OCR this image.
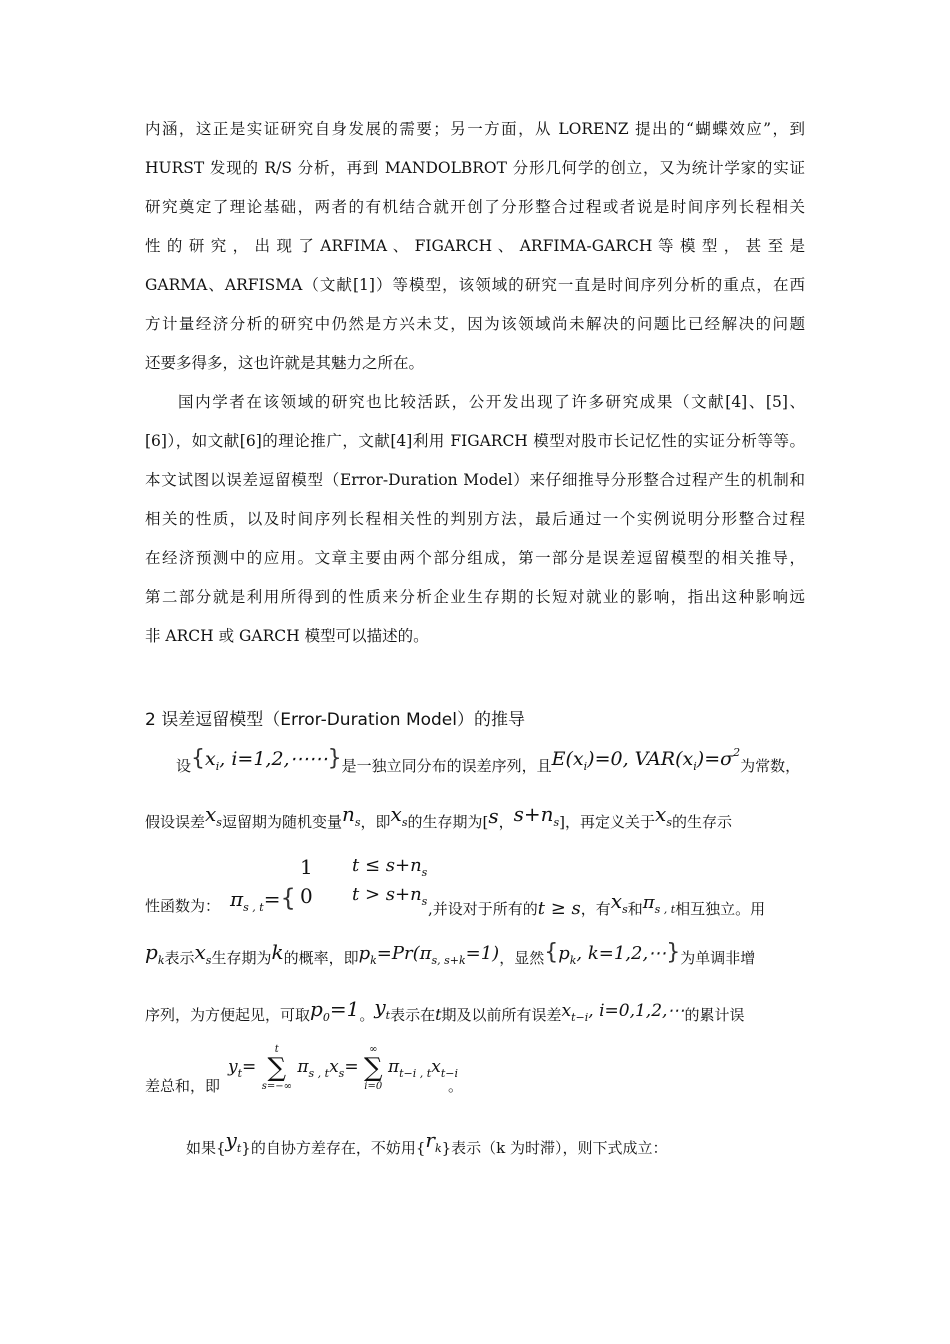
内涵，这正是实证研究自身发展的需要；另一方面，从 LORENZ 提出的“蝴蝶效应”，到
HURST 发现的 R/S 分析，再到 MANDOLBROT 分形几何学的创立，又为统计学家的实证
研究奠定了理论基础，两者的有机结合就开创了分形整合过程或者说是时间序列长程相关
性 的 研 究 ， 出 现 了 ARFIMA 、 FIGARCH 、 ARFIMA-GARCH 等 模 型 ， 甚 至 是
GARMA、ARFISMA（文献[1]）等模型，该领域的研究一直是时间序列分析的重点，在西
方计量经济分析的研究中仍然是方兴未艾，因为该领域尚未解决的问题比已经解决的问题
还要多得多，这也许就是其魅力之所在。
国内学者在该领域的研究也比较活跃，公开发出现了许多研究成果（文献[4]、[5]、
[6]），如文献[6]的理论推广，文献[4]利用 FIGARCH 模型对股市长记忆性的实证分析等等。
本文试图以误差逗留模型（Error-Duration Model）来仔细推导分形整合过程产生的机制和
相关的性质，以及时间序列长程相关性的判别方法，最后通过一个实例说明分形整合过程
在经济预测中的应用。文章主要由两个部分组成，第一部分是误差逗留模型的相关推导，
第二部分就是利用所得到的性质来分析企业生存期的长短对就业的影响，指出这种影响远
非 ARCH 或 GARCH 模型可以描述的。
2 误差逗留模型（Error-Duration Model）的推导
设{$x_i$, i=1,2,⋯⋯}是一独立同分布的误差序列，且$E(x_i)=0$, $VAR(x_i)=\sigma^2$为常数，
假设误差$x_s$逗留期为随机变量$n_s$，即$x_s$的生存期为[s，$s+n_s$]，再定义关于$x_s$的生存示
1 $t \le s+n_s$
性函数为： $\pi_{s , t}=${ 0 $t > s+n_s$ ,并设对于所有的t ≥ s，有$x_s$和$\pi_{s , t}$相互独立。用
$p_k$表示$x_s$生存期为k的概率，即$p_k=Pr(\pi_{s, s+k}=1)$，显然{$p_k$, k=1,2,⋯}为单调非增
序列，为方便起见，可取$p_0=1$。$y_t$表示在t期及以前所有误差$x_{t-i}$, i=0,1,2,⋯的累计误
差总和，即
$y_t=$
t
∑
s=−∞
$\pi_{s , t}x_s=$
∞
∑
i=0
$\pi_{t-i , t}x_{t-i}$
。
如果$\{y_t\}$的自协方差存在，不妨用$\{r_k\}$表示（k 为时滞），则下式成立：
